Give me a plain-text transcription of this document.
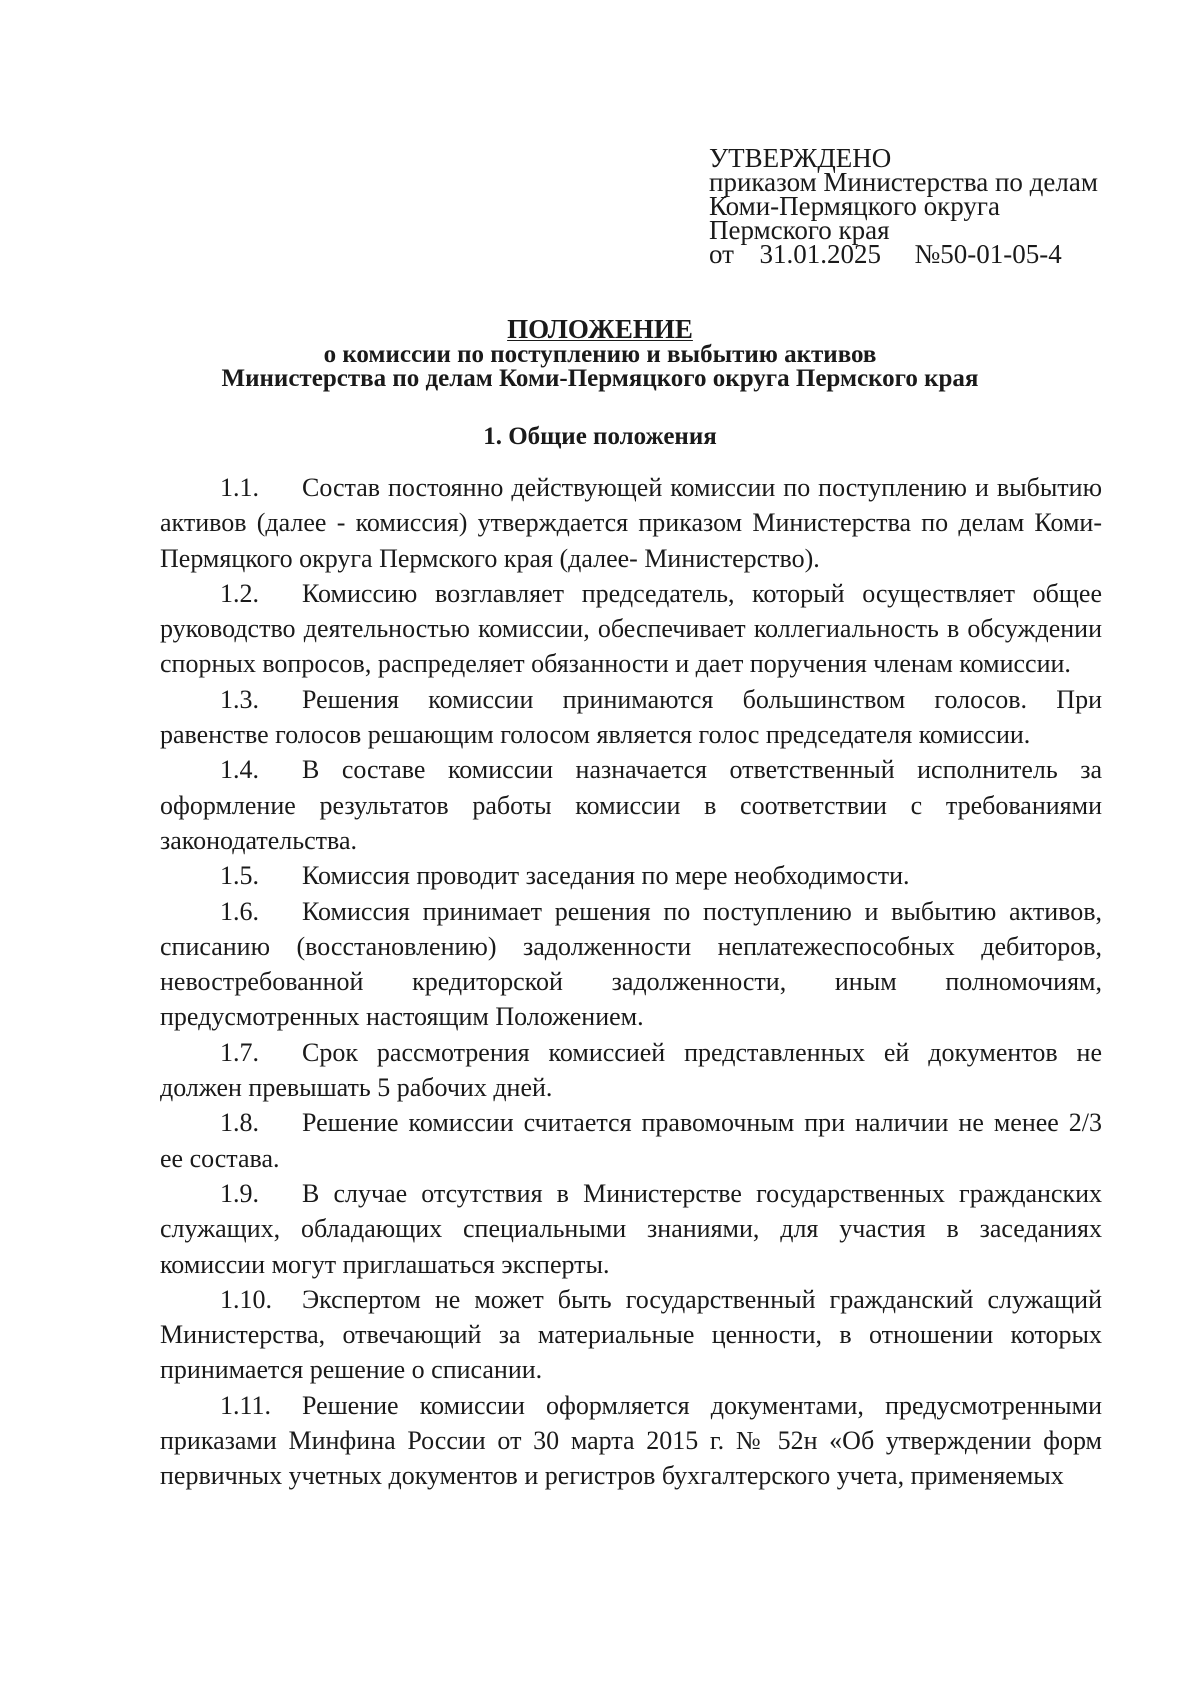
УТВЕРЖДЕНО
приказом Министерства по делам
Коми-Пермяцкого округа
Пермского края
от 31.01.2025 №50-01-05-4
ПОЛОЖЕНИЕ
о комиссии по поступлению и выбытию активов
Министерства по делам Коми-Пермяцкого округа Пермского края
1. Общие положения

1.1. Состав постоянно действующей комиссии по поступлению и выбытию активов (далее - комиссия) утверждается приказом Министерства по делам Коми-Пермяцкого округа Пермского края (далее- Министерство).

1.2. Комиссию возглавляет председатель, который осуществляет общее руководство деятельностью комиссии, обеспечивает коллегиальность в обсуждении спорных вопросов, распределяет обязанности и дает поручения членам комиссии.

1.3. Решения комиссии принимаются большинством голосов. При равенстве голосов решающим голосом является голос председателя комиссии.

1.4. В составе комиссии назначается ответственный исполнитель за оформление результатов работы комиссии в соответствии с требованиями законодательства.

1.5. Комиссия проводит заседания по мере необходимости.

1.6. Комиссия принимает решения по поступлению и выбытию активов, списанию (восстановлению) задолженности неплатежеспособных дебиторов, невостребованной кредиторской задолженности, иным полномочиям, предусмотренных настоящим Положением.

1.7. Срок рассмотрения комиссией представленных ей документов не должен превышать 5 рабочих дней.

1.8. Решение комиссии считается правомочным при наличии не менее 2/3 ее состава.

1.9. В случае отсутствия в Министерстве государственных гражданских служащих, обладающих специальными знаниями, для участия в заседаниях комиссии могут приглашаться эксперты.

1.10. Экспертом не может быть государственный гражданский служащий Министерства, отвечающий за материальные ценности, в отношении которых принимается решение о списании.

1.11. Решение комиссии оформляется документами, предусмотренными приказами Минфина России от 30 марта 2015 г. № 52н «Об утверждении форм первичных учетных документов и регистров бухгалтерского учета, применяемых
